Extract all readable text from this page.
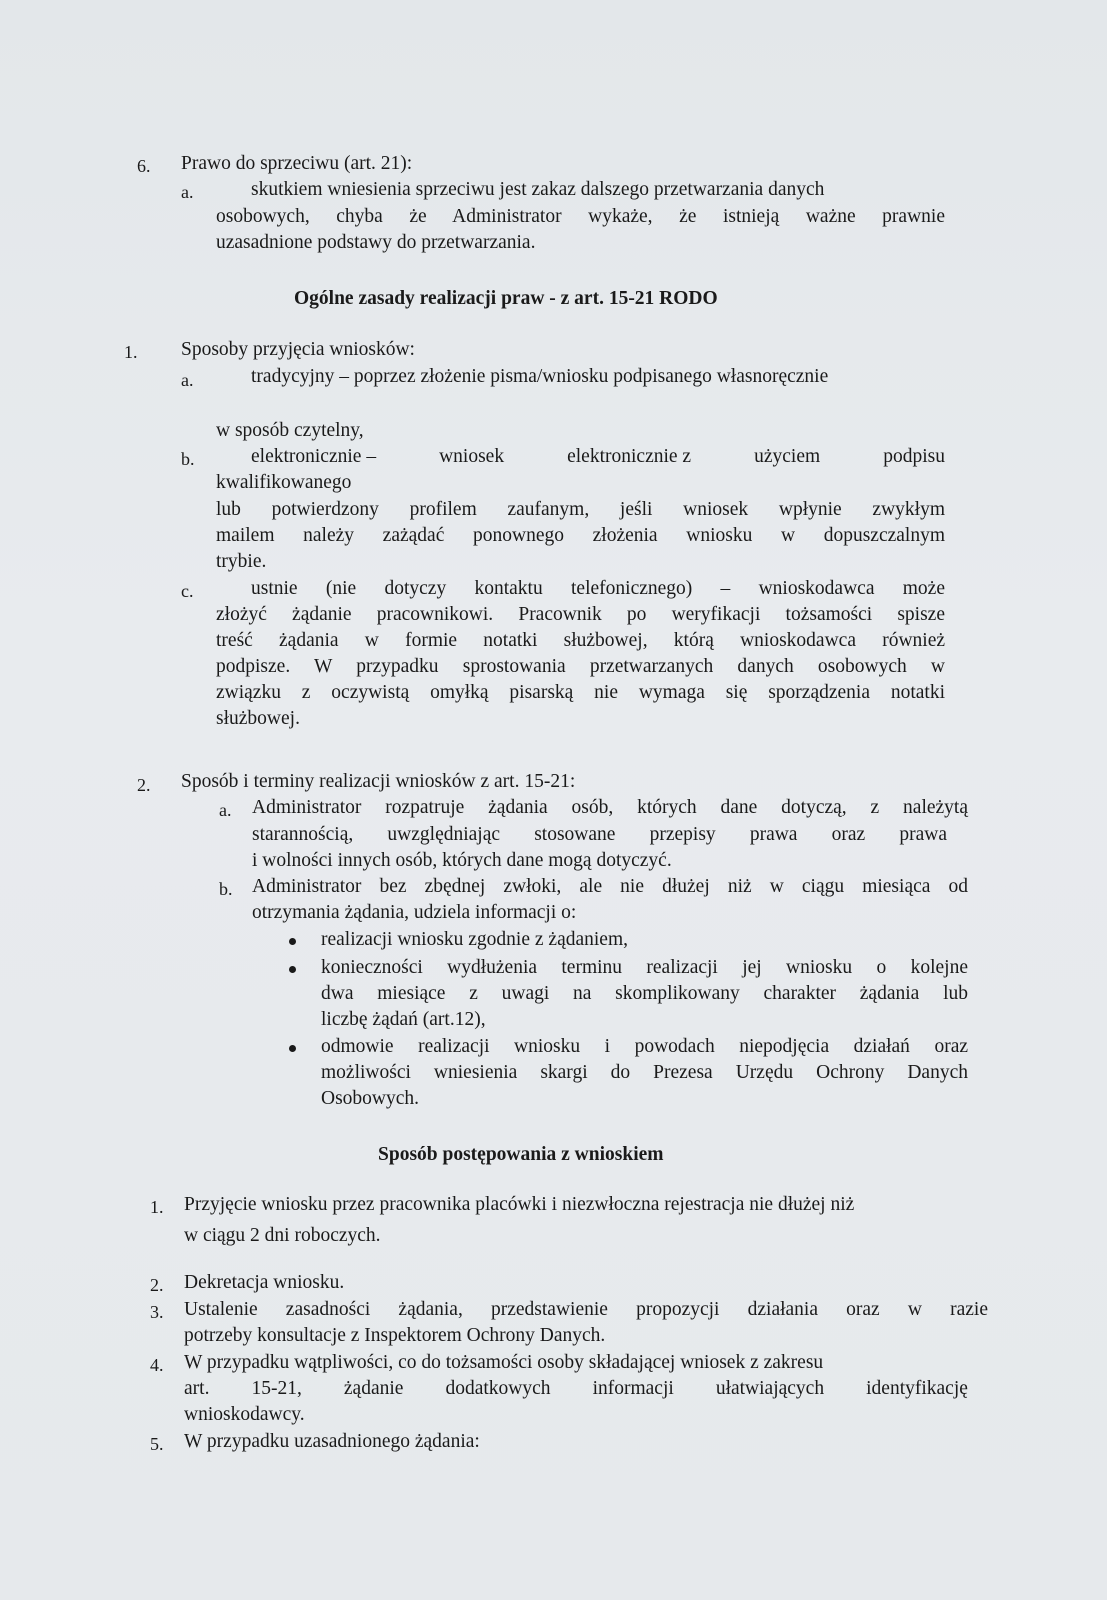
6. Prawo do sprzeciwu (art. 21):
a.	skutkiem wniesienia sprzeciwu jest zakaz dalszego przetwarzania danych
osobowych, chyba że Administrator wykaże, że istnieją ważne prawnie
uzasadnione podstawy do przetwarzania.
Ogólne zasady realizacji praw - z art. 15-21 RODO
1. Sposoby przyjęcia wniosków:
a.	tradycyjny – poprzez złożenie pisma/wniosku podpisanego własnoręcznie
w sposób czytelny,
b.	elektronicznie –	wniosek	elektronicznie z	użyciem	podpisu
kwalifikowanego
lub potwierdzony profilem zaufanym, jeśli wniosek wpłynie zwykłym
mailem należy zażądać ponownego złożenia wniosku w dopuszczalnym
trybie.
c.	ustnie (nie dotyczy kontaktu telefonicznego) – wnioskodawca może
złożyć żądanie pracownikowi. Pracownik po weryfikacji tożsamości spisze
treść żądania w formie notatki służbowej, którą wnioskodawca również
podpisze. W przypadku sprostowania przetwarzanych danych osobowych w
związku z oczywistą omyłką pisarską nie wymaga się sporządzenia notatki
służbowej.
2. Sposób i terminy realizacji wniosków z art. 15-21:
a. Administrator rozpatruje żądania osób, których dane dotyczą, z należytą
starannością, uwzględniając stosowane przepisy prawa oraz prawa
i wolności innych osób, których dane mogą dotyczyć.
b. Administrator bez zbędnej zwłoki, ale nie dłużej niż w ciągu miesiąca od
otrzymania żądania, udziela informacji o:
realizacji wniosku zgodnie z żądaniem,
konieczności wydłużenia terminu realizacji jej wniosku o kolejne
dwa miesiące z uwagi na skomplikowany charakter żądania lub
liczbę żądań (art.12),
odmowie realizacji wniosku i powodach niepodjęcia działań oraz
możliwości wniesienia skargi do Prezesa Urzędu Ochrony Danych
Osobowych.
Sposób postępowania z wnioskiem
1. Przyjęcie wniosku przez pracownika placówki i niezwłoczna rejestracja nie dłużej niż
w ciągu 2 dni roboczych.
2. Dekretacja wniosku.
3. Ustalenie zasadności żądania, przedstawienie propozycji działania oraz w razie
potrzeby konsultacje z Inspektorem Ochrony Danych.
4. W przypadku wątpliwości, co do tożsamości osoby składającej wniosek z zakresu
art. 15-21, żądanie dodatkowych informacji ułatwiających identyfikację
wnioskodawcy.
5. W przypadku uzasadnionego żądania:
